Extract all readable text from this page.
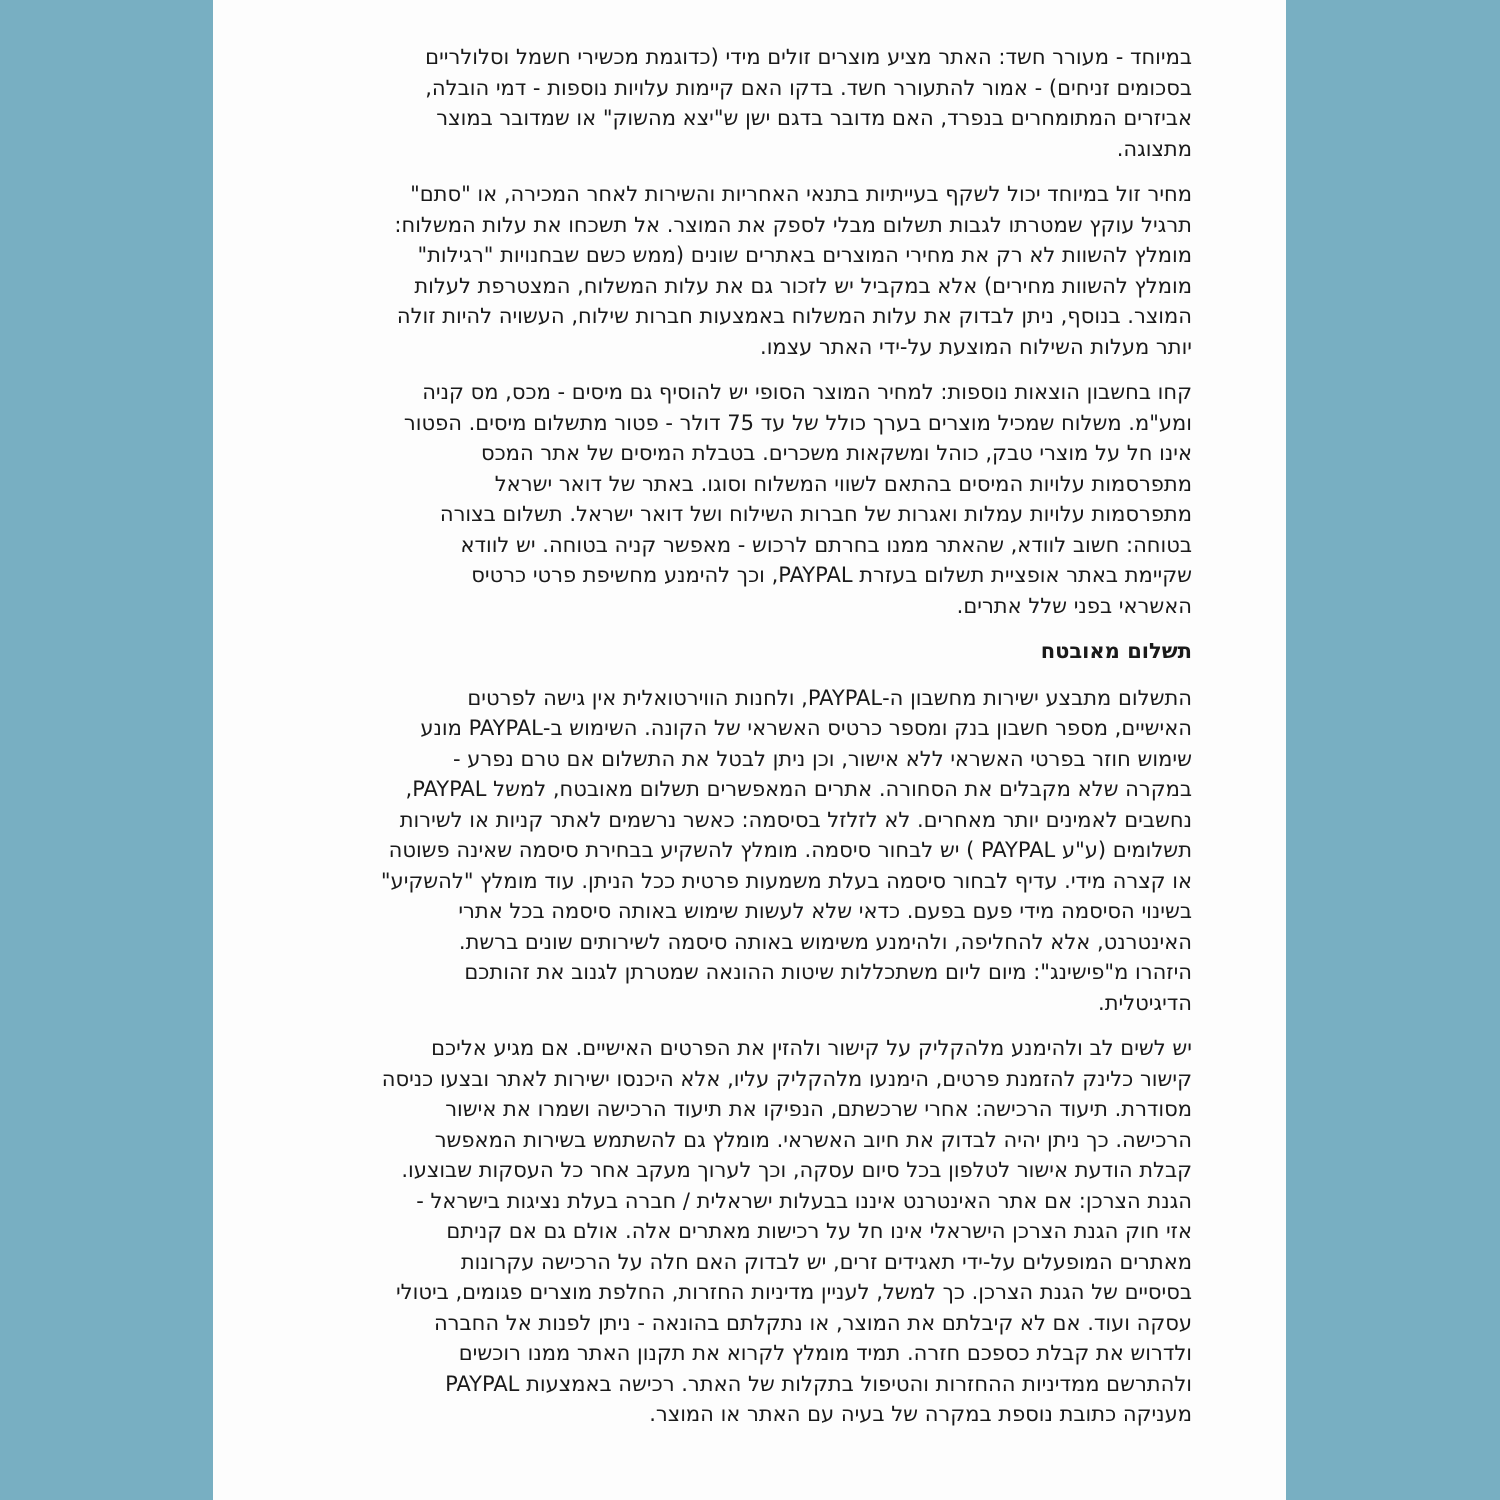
במיוחד - מעורר חשד: האתר מציע מוצרים זולים מידי (כדוגמת מכשירי חשמל וסלולריים
בסכומים זניחים) - אמור להתעורר חשד. בדקו האם קיימות עלויות נוספות - דמי הובלה,
אביזרים המתומחרים בנפרד, האם מדובר בדגם ישן ש"יצא מהשוק" או שמדובר במוצר
מתצוגה.
מחיר זול במיוחד יכול לשקף בעייתיות בתנאי האחריות והשירות לאחר המכירה, או "סתם"
תרגיל עוקץ שמטרתו לגבות תשלום מבלי לספק את המוצר. אל תשכחו את עלות המשלוח:
מומלץ להשוות לא רק את מחירי המוצרים באתרים שונים (ממש כשם שבחנויות "רגילות"
מומלץ להשוות מחירים) אלא במקביל יש לזכור גם את עלות המשלוח, המצטרפת לעלות
המוצר. בנוסף, ניתן לבדוק את עלות המשלוח באמצעות חברות שילוח, העשויה להיות זולה
יותר מעלות השילוח המוצעת על-ידי האתר עצמו.
קחו בחשבון הוצאות נוספות: למחיר המוצר הסופי יש להוסיף גם מיסים - מכס, מס קניה
ומע"מ. משלוח שמכיל מוצרים בערך כולל של עד 75 דולר - פטור מתשלום מיסים. הפטור
אינו חל על מוצרי טבק, כוהל ומשקאות משכרים. בטבלת המיסים של אתר המכס
מתפרסמות עלויות המיסים בהתאם לשווי המשלוח וסוגו. באתר של דואר ישראל
מתפרסמות עלויות עמלות ואגרות של חברות השילוח ושל דואר ישראל. תשלום בצורה
בטוחה: חשוב לוודא, שהאתר ממנו בחרתם לרכוש - מאפשר קניה בטוחה. יש לוודא
שקיימת באתר אופציית תשלום בעזרת PAYPAL, וכך להימנע מחשיפת פרטי כרטיס
האשראי בפני שלל אתרים.
תשלום מאובטח
התשלום מתבצע ישירות מחשבון ה-PAYPAL, ולחנות הווירטואלית אין גישה לפרטים
האישיים, מספר חשבון בנק ומספר כרטיס האשראי של הקונה. השימוש ב-PAYPAL מונע
שימוש חוזר בפרטי האשראי ללא אישור, וכן ניתן לבטל את התשלום אם טרם נפרע -
במקרה שלא מקבלים את הסחורה. אתרים המאפשרים תשלום מאובטח, למשל PAYPAL,
נחשבים לאמינים יותר מאחרים. לא לזלזל בסיסמה: כאשר נרשמים לאתר קניות או לשירות
תשלומים (ע"ע PAYPAL ) יש לבחור סיסמה. מומלץ להשקיע בבחירת סיסמה שאינה פשוטה
או קצרה מידי. עדיף לבחור סיסמה בעלת משמעות פרטית ככל הניתן. עוד מומלץ "להשקיע"
בשינוי הסיסמה מידי פעם בפעם. כדאי שלא לעשות שימוש באותה סיסמה בכל אתרי
האינטרנט, אלא להחליפה, ולהימנע משימוש באותה סיסמה לשירותים שונים ברשת.
היזהרו מ"פישינג": מיום ליום משתכללות שיטות ההונאה שמטרתן לגנוב את זהותכם
הדיגיטלית.
יש לשים לב ולהימנע מלהקליק על קישור ולהזין את הפרטים האישיים. אם מגיע אליכם
קישור כלינק להזמנת פרטים, הימנעו מלהקליק עליו, אלא היכנסו ישירות לאתר ובצעו כניסה
מסודרת. תיעוד הרכישה: אחרי שרכשתם, הנפיקו את תיעוד הרכישה ושמרו את אישור
הרכישה. כך ניתן יהיה לבדוק את חיוב האשראי. מומלץ גם להשתמש בשירות המאפשר
קבלת הודעת אישור לטלפון בכל סיום עסקה, וכך לערוך מעקב אחר כל העסקות שבוצעו.
הגנת הצרכן: אם אתר האינטרנט איננו בבעלות ישראלית / חברה בעלת נציגות בישראל -
אזי חוק הגנת הצרכן הישראלי אינו חל על רכישות מאתרים אלה. אולם גם אם קניתם
מאתרים המופעלים על-ידי תאגידים זרים, יש לבדוק האם חלה על הרכישה עקרונות
בסיסיים של הגנת הצרכן. כך למשל, לעניין מדיניות החזרות, החלפת מוצרים פגומים, ביטולי
עסקה ועוד. אם לא קיבלתם את המוצר, או נתקלתם בהונאה - ניתן לפנות אל החברה
ולדרוש את קבלת כספכם חזרה. תמיד מומלץ לקרוא את תקנון האתר ממנו רוכשים
ולהתרשם ממדיניות ההחזרות והטיפול בתקלות של האתר. רכישה באמצעות PAYPAL
מעניקה כתובת נוספת במקרה של בעיה עם האתר או המוצר.
